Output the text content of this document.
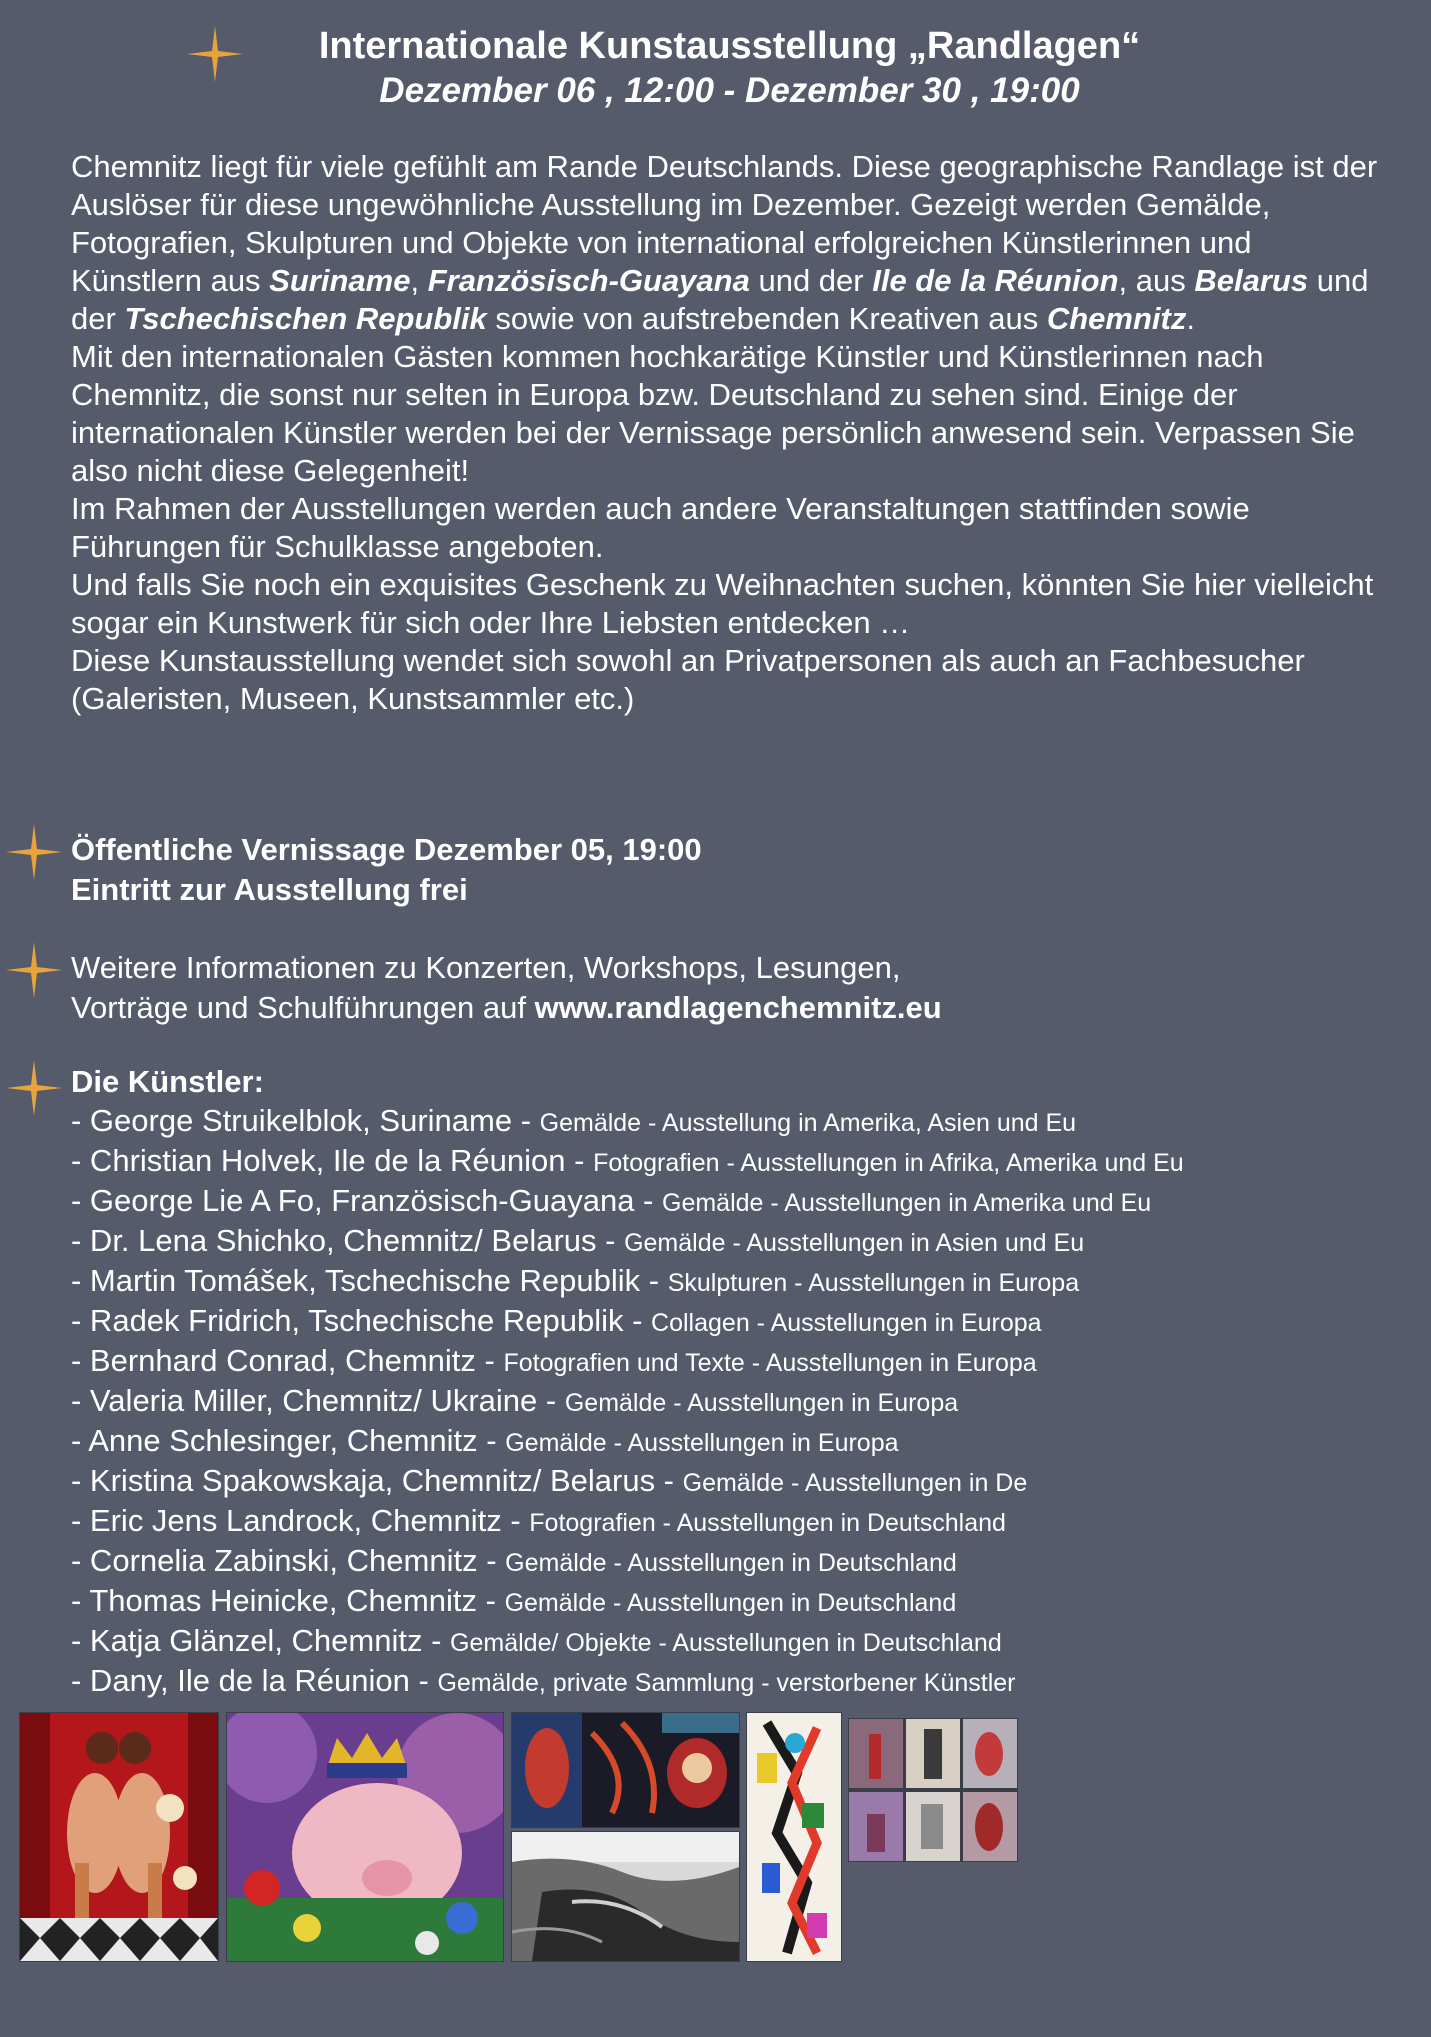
Internationale Kunstausstellung „Randlagen“
Dezember 06 , 12:00 - Dezember 30 , 19:00

Chemnitz liegt für viele gefühlt am Rande Deutschlands. Diese geographische Randlage ist der Auslöser für diese ungewöhnliche Ausstellung im Dezember. Gezeigt werden Gemälde, Fotografien, Skulpturen und Objekte von international erfolgreichen Künstlerinnen und Künstlern aus Suriname, Französisch-Guayana und der Ile de la Réunion, aus Belarus und der Tschechischen Republik sowie von aufstrebenden Kreativen aus Chemnitz.

Mit den internationalen Gästen kommen hochkarätige Künstler und Künstlerinnen nach Chemnitz, die sonst nur selten in Europa bzw. Deutschland zu sehen sind. Einige der internationalen Künstler werden bei der Vernissage persönlich anwesend sein. Verpassen Sie also nicht diese Gelegenheit!

Im Rahmen der Ausstellungen werden auch andere Veranstaltungen stattfinden sowie Führungen für Schulklasse angeboten.

Und falls Sie noch ein exquisites Geschenk zu Weihnachten suchen, könnten Sie hier vielleicht sogar ein Kunstwerk für sich oder Ihre Liebsten entdecken …

Diese Kunstausstellung wendet sich sowohl an Privatpersonen als auch an Fachbesucher

(Galeristen, Museen, Kunstsammler etc.)

Öffentliche Vernissage Dezember 05, 19:00
Eintritt zur Ausstellung frei
Weitere Informationen zu Konzerten, Workshops, Lesungen,
Vorträge und Schulführungen auf www.randlagenchemnitz.eu
Die Künstler:
- George Struikelblok, Suriname - Gemälde - Ausstellung in Amerika, Asien und Eu
- Christian Holvek, Ile de la Réunion - Fotografien - Ausstellungen in Afrika, Amerika und Eu
- George Lie A Fo, Französisch-Guayana - Gemälde - Ausstellungen in Amerika und Eu
- Dr. Lena Shichko, Chemnitz/ Belarus - Gemälde - Ausstellungen in Asien und Eu
- Martin Tomášek, Tschechische Republik - Skulpturen - Ausstellungen in Europa
- Radek Fridrich, Tschechische Republik - Collagen - Ausstellungen in Europa
- Bernhard Conrad, Chemnitz - Fotografien und Texte - Ausstellungen in Europa
- Valeria Miller, Chemnitz/ Ukraine - Gemälde - Ausstellungen in Europa
- Anne Schlesinger, Chemnitz - Gemälde - Ausstellungen in Europa
- Kristina Spakowskaja, Chemnitz/ Belarus - Gemälde - Ausstellungen in De
- Eric Jens Landrock, Chemnitz - Fotografien - Ausstellungen in Deutschland
- Cornelia Zabinski, Chemnitz - Gemälde - Ausstellungen in Deutschland
- Thomas Heinicke, Chemnitz - Gemälde - Ausstellungen in Deutschland
- Katja Glänzel, Chemnitz - Gemälde/ Objekte - Ausstellungen in Deutschland
- Dany, Ile de la Réunion - Gemälde, private Sammlung - verstorbener Künstler
